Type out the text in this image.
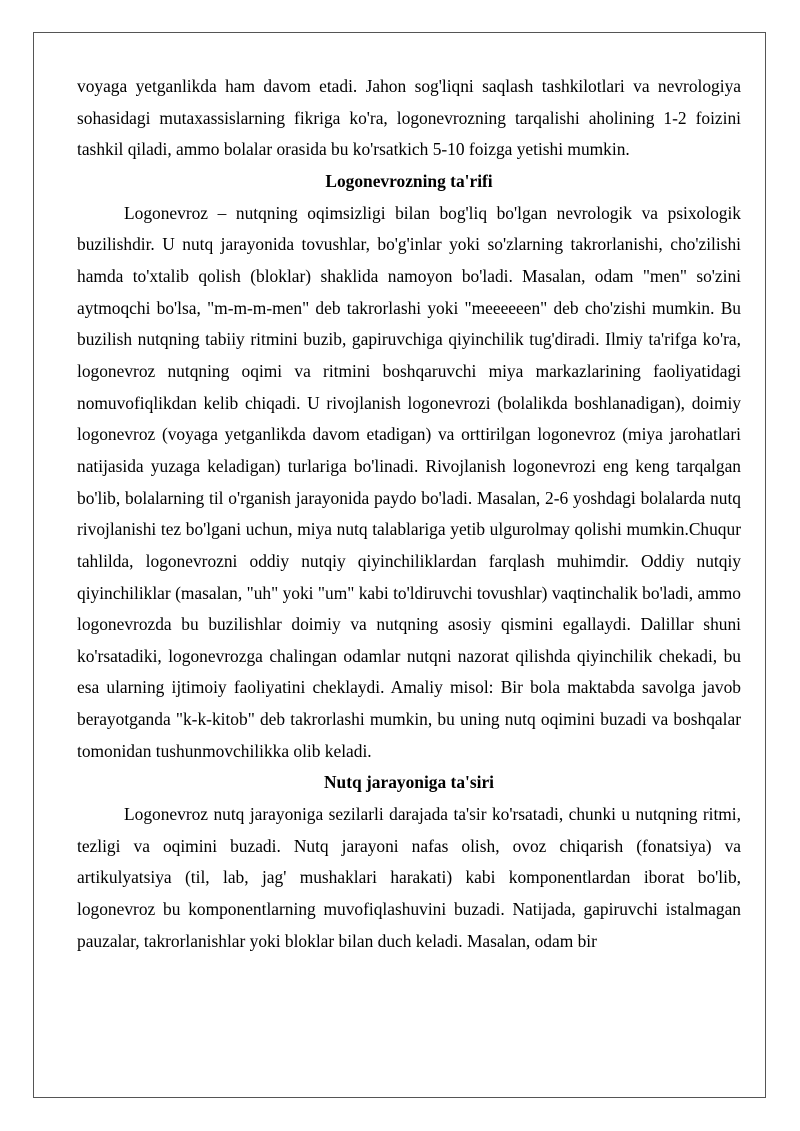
voyaga yetganlikda ham davom etadi. Jahon sog'liqni saqlash tashkilotlari va nevrologiya sohasidagi mutaxassislarning fikriga ko'ra, logonevrozning tarqalishi aholining 1-2 foizini tashkil qiladi, ammo bolalar orasida bu ko'rsatkich 5-10 foizga yetishi mumkin.

Logonevrozning ta'rifi

Logonevroz – nutqning oqimsizligi bilan bog'liq bo'lgan nevrologik va psixologik buzilishdir. U nutq jarayonida tovushlar, bo'g'inlar yoki so'zlarning takrorlanishi, cho'zilishi hamda to'xtalib qolish (bloklar) shaklida namoyon bo'ladi. Masalan, odam "men" so'zini aytmoqchi bo'lsa, "m-m-m-men" deb takrorlashi yoki "meeeeeen" deb cho'zishi mumkin. Bu buzilish nutqning tabiiy ritmini buzib, gapiruvchiga qiyinchilik tug'diradi. Ilmiy ta'rifga ko'ra, logonevroz nutqning oqimi va ritmini boshqaruvchi miya markazlarining faoliyatidagi nomuvofiqlikdan kelib chiqadi. U rivojlanish logonevrozi (bolalikda boshlanadigan), doimiy logonevroz (voyaga yetganlikda davom etadigan) va orttirilgan logonevroz (miya jarohatlari natijasida yuzaga keladigan) turlariga bo'linadi. Rivojlanish logonevrozi eng keng tarqalgan bo'lib, bolalarning til o'rganish jarayonida paydo bo'ladi. Masalan, 2-6 yoshdagi bolalarda nutq rivojlanishi tez bo'lgani uchun, miya nutq talablariga yetib ulgurolmay qolishi mumkin.Chuqur tahlilda, logonevrozni oddiy nutqiy qiyinchiliklardan farqlash muhimdir. Oddiy nutqiy qiyinchiliklar (masalan, "uh" yoki "um" kabi to'ldiruvchi tovushlar) vaqtinchalik bo'ladi, ammo logonevrozda bu buzilishlar doimiy va nutqning asosiy qismini egallaydi. Dalillar shuni ko'rsatadiki, logonevrozga chalingan odamlar nutqni nazorat qilishda qiyinchilik chekadi, bu esa ularning ijtimoiy faoliyatini cheklaydi. Amaliy misol: Bir bola maktabda savolga javob berayotganda "k-k-kitob" deb takrorlashi mumkin, bu uning nutq oqimini buzadi va boshqalar tomonidan tushunmovchilikka olib keladi.

Nutq jarayoniga ta'siri

Logonevroz nutq jarayoniga sezilarli darajada ta'sir ko'rsatadi, chunki u nutqning ritmi, tezligi va oqimini buzadi. Nutq jarayoni nafas olish, ovoz chiqarish (fonatsiya) va artikulyatsiya (til, lab, jag' mushaklari harakati) kabi komponentlardan iborat bo'lib, logonevroz bu komponentlarning muvofiqlashuvini buzadi. Natijada, gapiruvchi istalmagan pauzalar, takrorlanishlar yoki bloklar bilan duch keladi. Masalan, odam bir
